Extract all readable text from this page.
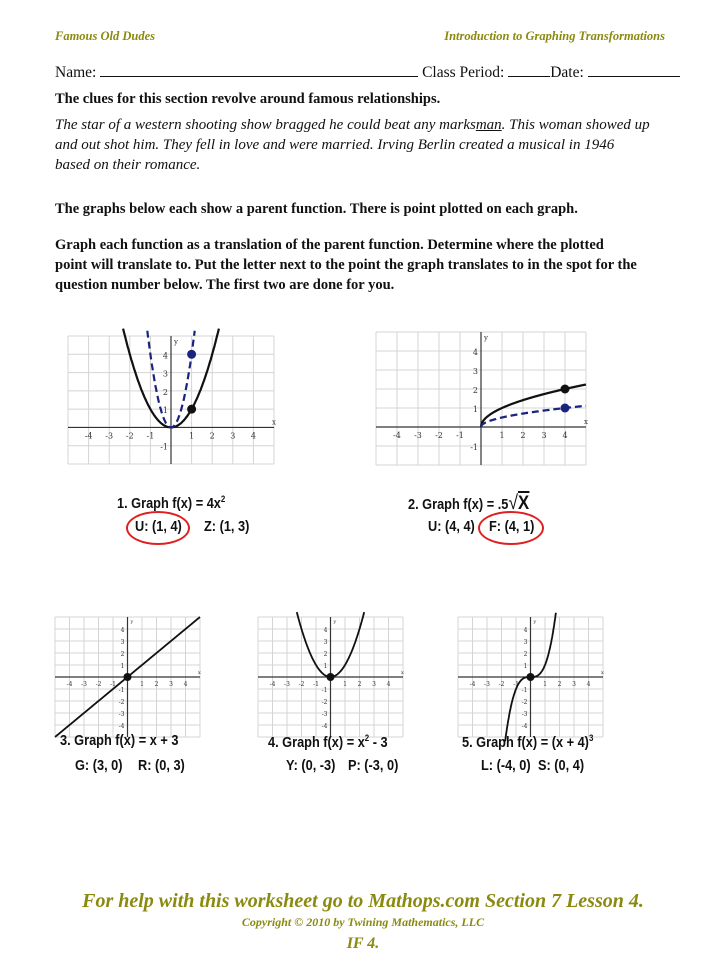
Famous Old Dudes	Introduction to Graphing Transformations
Name:	Class Period:	Date:
The clues for this section revolve around famous relationships.
The star of a western shooting show bragged he could beat any marksman. This woman showed up
and out shot him. They fell in love and were married. Irving Berlin created a musical in 1946
based on their romance.
The graphs below each show a parent function. There is point plotted on each graph.
Graph each function as a translation of the parent function. Determine where the plotted
point will translate to. Put the letter next to the point the graph translates to in the spot for the
question number below. The first two are done for you.
-4 -3 -2 -1	1 2 3 4
-1
1
2
3
4
x
y
-4 -3 -2 -1	1 2 3 4
-1
1
2
3
4
x
y
-4 -3 -2 -1	1 2 3 4
-4
-3
-2
-1
1
2
3
4
x
y
-4 -3 -2 -1	1 2 3 4
-4
-3
-2
-1
1
2
3
4
x
y
-4 -3 -2 -1	1 2 3 4
-4
-3
-2
-1
1
2
3
4
x
y
1. Graph $f(x) = 4x^2$
U: (1, 4) Z: (1, 3)
2. Graph f(x) = .5√X
U: (4, 4) F: (4, 1)
3. Graph f(x) = x + 3
G: (3, 0) R: (0, 3)
4. Graph $f(x) = x^2 - 3$
Y: (0, -3) P: (-3, 0)
5. Graph $f(x) = (x + 4)^3$
L: (-4, 0) S: (0, 4)
For help with this worksheet go to Mathops.com Section 7 Lesson 4.
Copyright © 2010 by Twining Mathematics, LLC
IF 4.
